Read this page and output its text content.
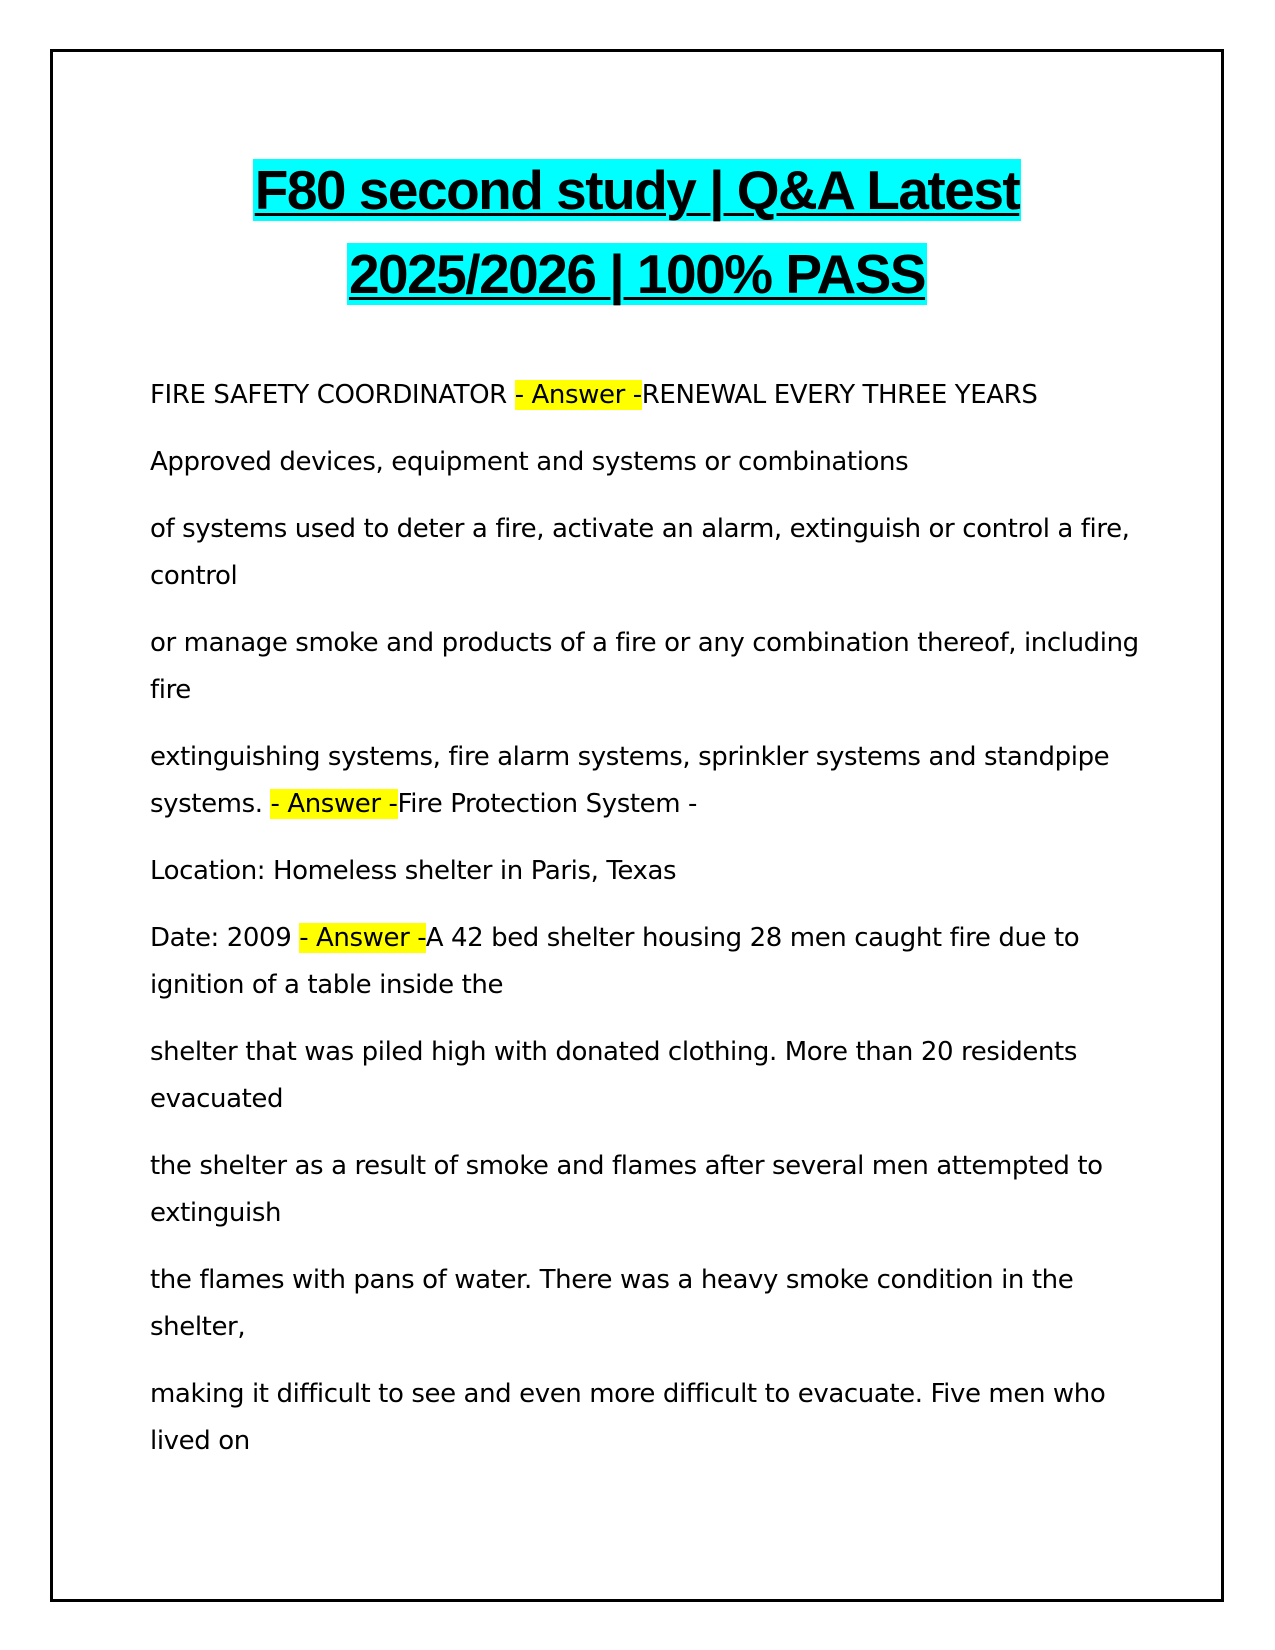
F80 second study | Q&A Latest
2025/2026 | 100% PASS

FIRE SAFETY COORDINATOR - Answer -RENEWAL EVERY THREE YEARS

Approved devices, equipment and systems or combinations

of systems used to deter a fire, activate an alarm, extinguish or control a fire, control

or manage smoke and products of a fire or any combination thereof, including fire

extinguishing systems, fire alarm systems, sprinkler systems and standpipe systems. - Answer -Fire Protection System -

Location: Homeless shelter in Paris, Texas

Date: 2009 - Answer -A 42 bed shelter housing 28 men caught fire due to ignition of a table inside the

shelter that was piled high with donated clothing. More than 20 residents evacuated

the shelter as a result of smoke and flames after several men attempted to extinguish

the flames with pans of water. There was a heavy smoke condition in the shelter,

making it difficult to see and even more difficult to evacuate. Five men who lived on
